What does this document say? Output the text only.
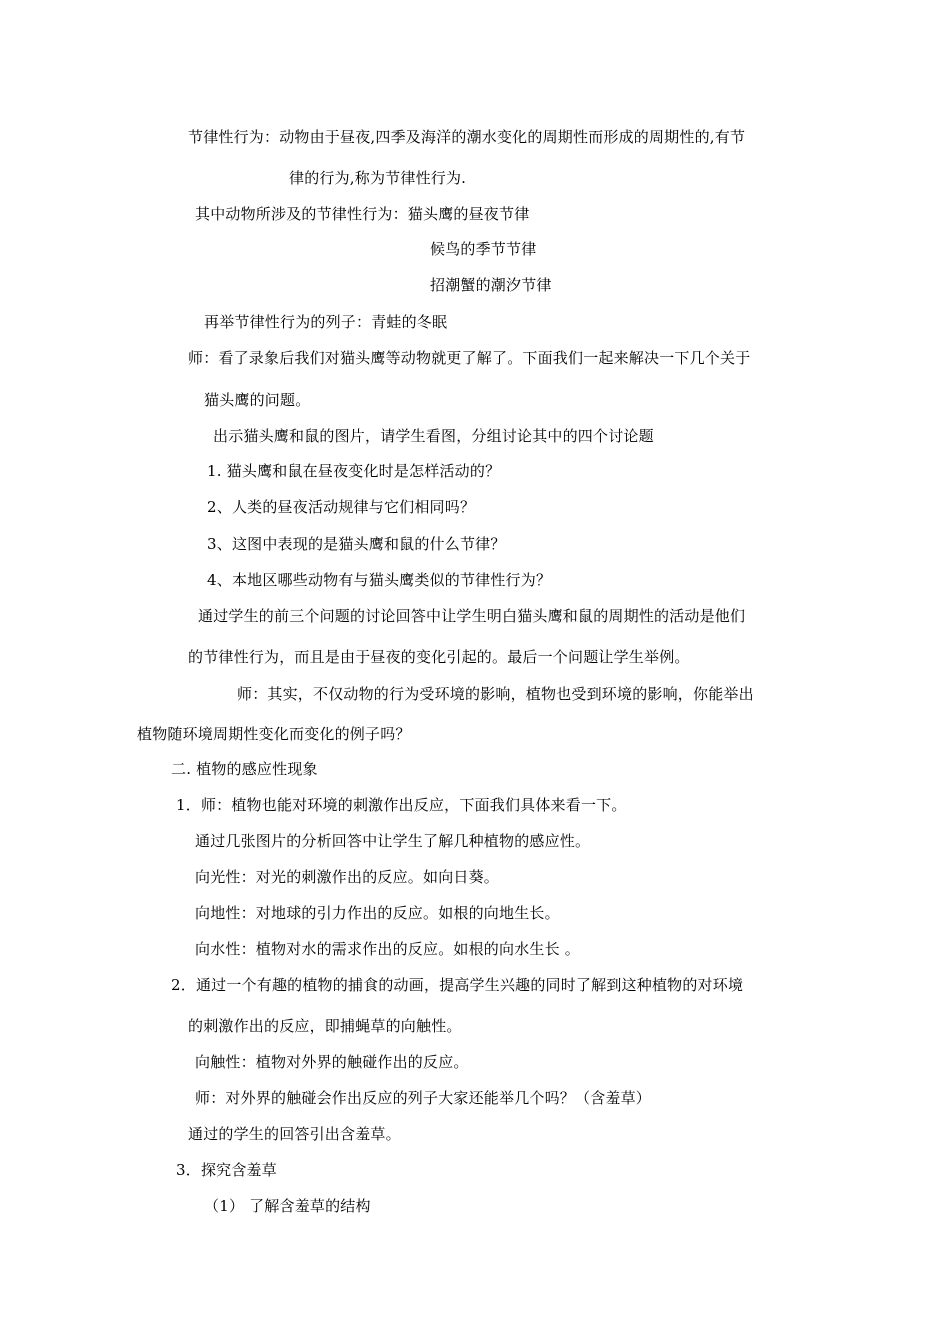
节律性行为：动物由于昼夜,四季及海洋的潮水变化的周期性而形成的周期性的,有节
律的行为,称为节律性行为.
其中动物所涉及的节律性行为：猫头鹰的昼夜节律
候鸟的季节节律
招潮蟹的潮汐节律
再举节律性行为的列子：青蛙的冬眠
师：看了录象后我们对猫头鹰等动物就更了解了。下面我们一起来解决一下几个关于
猫头鹰的问题。
出示猫头鹰和鼠的图片，请学生看图，分组讨论其中的四个讨论题
1. 猫头鹰和鼠在昼夜变化时是怎样活动的？
2、人类的昼夜活动规律与它们相同吗？
3、这图中表现的是猫头鹰和鼠的什么节律？
4、本地区哪些动物有与猫头鹰类似的节律性行为？
通过学生的前三个问题的讨论回答中让学生明白猫头鹰和鼠的周期性的活动是他们
的节律性行为，而且是由于昼夜的变化引起的。最后一个问题让学生举例。
师：其实，不仅动物的行为受环境的影响，植物也受到环境的影响，你能举出
植物随环境周期性变化而变化的例子吗？
二. 植物的感应性现象
1．师：植物也能对环境的刺激作出反应，下面我们具体来看一下。
通过几张图片的分析回答中让学生了解几种植物的感应性。
向光性：对光的刺激作出的反应。如向日葵。
向地性：对地球的引力作出的反应。如根的向地生长。
向水性：植物对水的需求作出的反应。如根的向水生长 。
2．通过一个有趣的植物的捕食的动画，提高学生兴趣的同时了解到这种植物的对环境
的刺激作出的反应，即捕蝇草的向触性。
向触性：植物对外界的触碰作出的反应。
师：对外界的触碰会作出反应的列子大家还能举几个吗？（含羞草）
通过的学生的回答引出含羞草。
3．探究含羞草
（1） 了解含羞草的结构
